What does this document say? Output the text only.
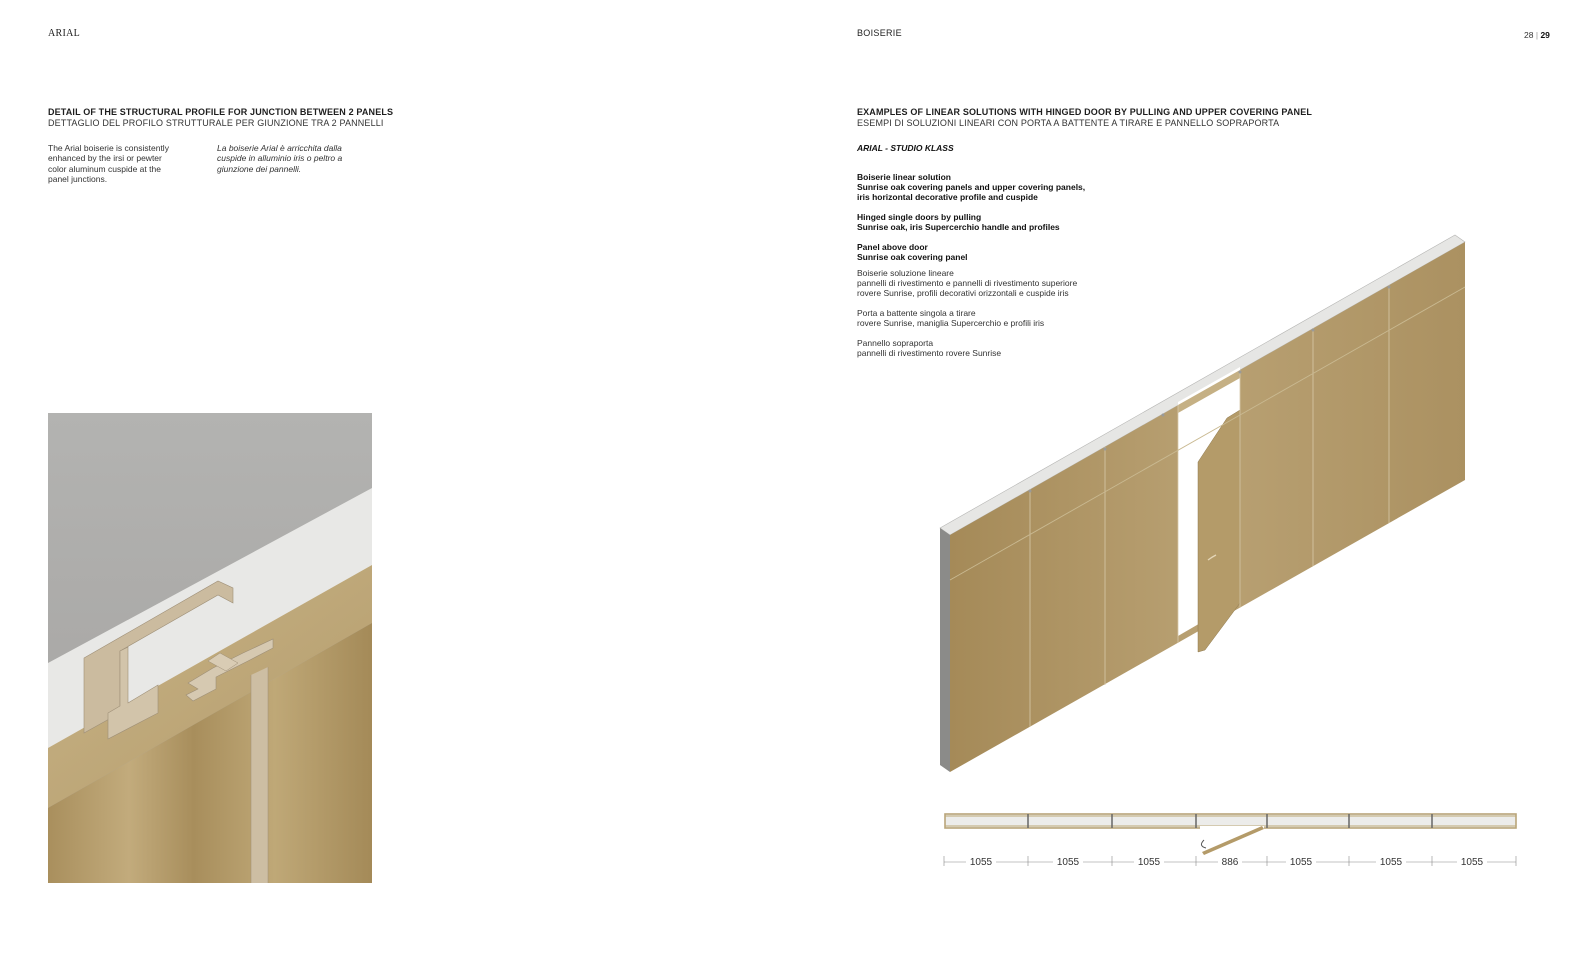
ARIAL	BOISERIE	28 | 29
DETAIL OF THE STRUCTURAL PROFILE FOR JUNCTION BETWEEN 2 PANELS
DETTAGLIO DEL PROFILO STRUTTURALE PER GIUNZIONE TRA 2 PANNELLI
The Arial boiserie is consistently
enhanced by the irsi or pewter
color aluminum cuspide at the
panel junctions.
La boiserie Arial è arricchita dalla
cuspide in alluminio iris o peltro a
giunzione dei pannelli.
EXAMPLES OF LINEAR SOLUTIONS WITH HINGED DOOR BY PULLING AND UPPER COVERING PANEL
ESEMPI DI SOLUZIONI LINEARI CON PORTA A BATTENTE A TIRARE E PANNELLO SOPRAPORTA
ARIAL - STUDIO KLASS
Boiserie linear solution
Sunrise oak covering panels and upper covering panels,
iris horizontal decorative profile and cuspide
Hinged single doors by pulling
Sunrise oak, iris Supercerchio handle and profiles
Panel above door
Sunrise oak covering panel
Boiserie soluzione lineare
pannelli di rivestimento e pannelli di rivestimento superiore
rovere Sunrise, profili decorativi orizzontali e cuspide iris
Porta a battente singola a tirare
rovere Sunrise, maniglia Supercerchio e profili iris
Pannello sopraporta
pannelli di rivestimento rovere Sunrise
1055	1055	1055	886	1055	1055	1055
